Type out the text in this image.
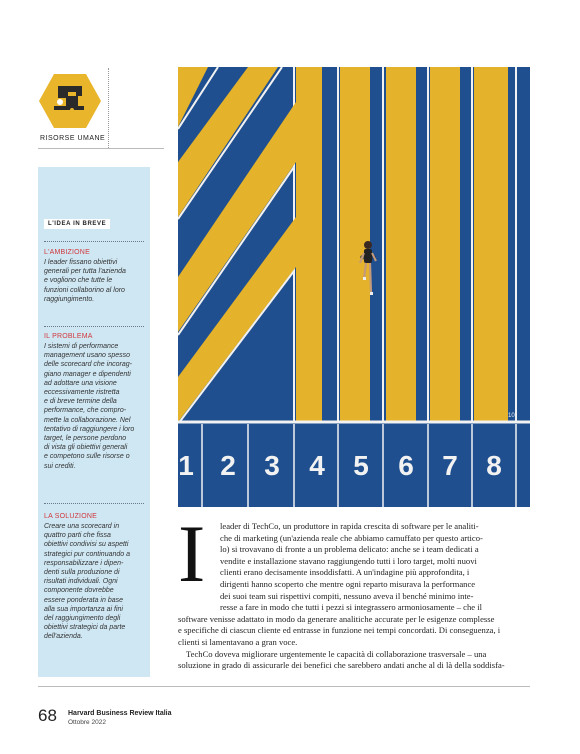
RISORSE UMANE
L'IDEA IN BREVE
L'AMBIZIONE
I leader fissano obiettivi
generali per tutta l'azienda
e vogliono che tutte le
funzioni collaborino al loro
raggiungimento.
IL PROBLEMA
I sistemi di performance
management usano spesso
delle scorecard che incorag-
giano manager e dipendenti
ad adottare una visione
eccessivamente ristretta
e di breve termine della
performance, che compro-
mette la collaborazione. Nel
tentativo di raggiungere i loro
target, le persone perdono
di vista gli obiettivi generali
e competono sulle risorse o
sui crediti.
LA SOLUZIONE
Creare una scorecard in
quattro parti che fissa
obiettivi condivisi su aspetti
strategici pur continuando a
responsabilizzare i dipen-
denti sulla produzione di
risultati individuali. Ogni
componente dovrebbe
essere ponderata in base
alla sua importanza ai fini
del raggiungimento degli
obiettivi strategici da parte
dell'azienda.
1 2 3 4 5 6 7 8
10
I	leader di TechCo, un produttore in rapida crescita di software per le analiti-

che di marketing (un'azienda reale che abbiamo camuffato per questo artico-

lo) si trovavano di fronte a un problema delicato: anche se i team dedicati a

vendite e installazione stavano raggiungendo tutti i loro target, molti nuovi

clienti erano decisamente insoddisfatti. A un'indagine più approfondita, i

dirigenti hanno scoperto che mentre ogni reparto misurava la performance

dei suoi team sui rispettivi compiti, nessuno aveva il benché minimo inte-

resse a fare in modo che tutti i pezzi si integrassero armoniosamente – che il

software venisse adattato in modo da generare analitiche accurate per le esigenze complesse

e specifiche di ciascun cliente ed entrasse in funzione nei tempi concordati. Di conseguenza, i

clienti si lamentavano a gran voce.

TechCo doveva migliorare urgentemente le capacità di collaborazione trasversale – una

soluzione in grado di assicurarle dei benefici che sarebbero andati anche al di là della soddisfa-

68 Harvard Business Review Italia
Ottobre 2022
